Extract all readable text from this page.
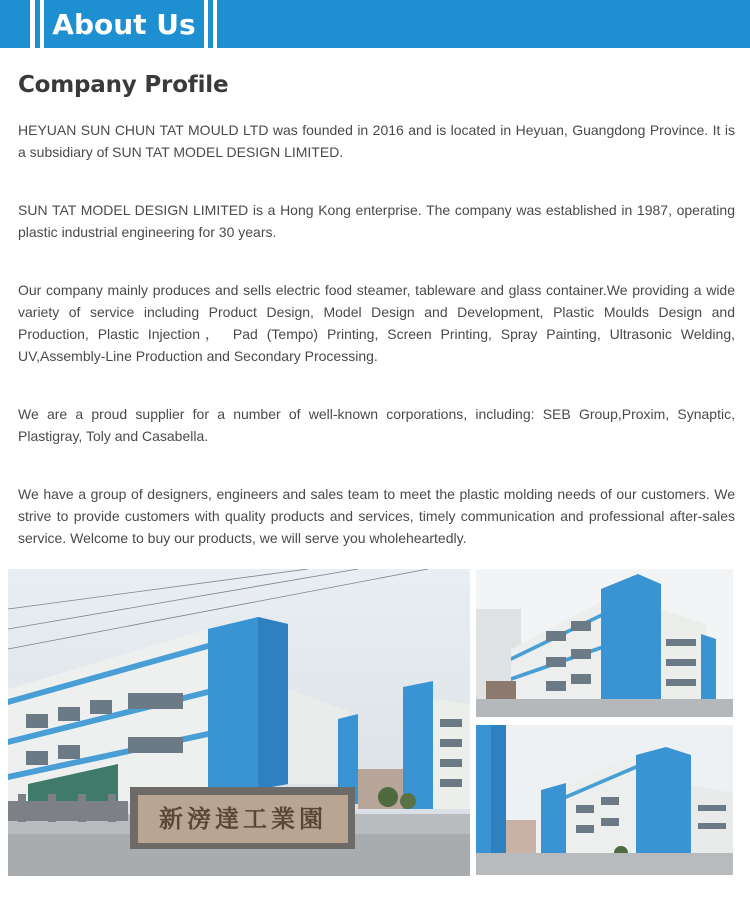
About Us
Company Profile

HEYUAN SUN CHUN TAT MOULD LTD was founded in 2016 and is located in Heyuan, Guangdong Province. It is a subsidiary of SUN TAT MODEL DESIGN LIMITED.

SUN TAT MODEL DESIGN LIMITED is a Hong Kong enterprise. The company was established in 1987, operating plastic industrial engineering for 30 years.

Our company mainly produces and sells electric food steamer, tableware and glass container.We providing a wide variety of service including Product Design, Model Design and Development, Plastic Moulds Design and Production, Plastic Injection， Pad (Tempo) Printing, Screen Printing, Spray Painting, Ultrasonic Welding, UV,Assembly-Line Production and Secondary Processing.

We are a proud supplier for a number of well-known corporations, including: SEB Group,Proxim, Synaptic, Plastigray, Toly and Casabella.

We have a group of designers, engineers and sales team to meet the plastic molding needs of our customers. We strive to provide customers with quality products and services, timely communication and professional after-sales service. Welcome to buy our products, we will serve you wholeheartedly.

新滂達工業園
